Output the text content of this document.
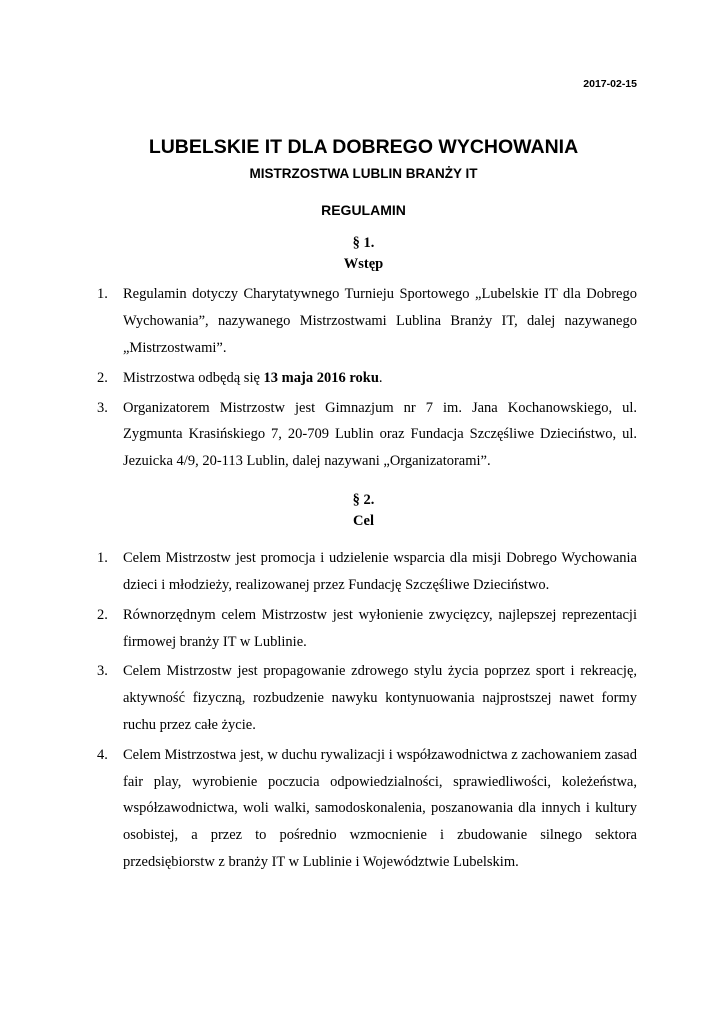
2017-02-15
LUBELSKIE IT DLA DOBREGO WYCHOWANIA
MISTRZOSTWA LUBLIN BRANŻY IT
REGULAMIN
§ 1.
Wstęp
Regulamin dotyczy Charytatywnego Turnieju Sportowego „Lubelskie IT dla Dobrego Wychowania”, nazywanego Mistrzostwami Lublina Branży IT, dalej nazywanego „Mistrzostwami”.
Mistrzostwa odbędą się 13 maja 2016 roku.
Organizatorem Mistrzostw jest Gimnazjum nr 7 im. Jana Kochanowskiego, ul. Zygmunta Krasińskiego 7, 20-709 Lublin oraz Fundacja Szczęśliwe Dzieciństwo, ul. Jezuicka 4/9, 20-113 Lublin, dalej nazywani „Organizatorami”.
§ 2.
Cel
Celem Mistrzostw jest promocja i udzielenie wsparcia dla misji Dobrego Wychowania dzieci i młodzieży, realizowanej przez Fundację Szczęśliwe Dzieciństwo.
Równorzędnym celem Mistrzostw jest wyłonienie zwycięzcy, najlepszej reprezentacji firmowej branży IT w Lublinie.
Celem Mistrzostw jest propagowanie zdrowego stylu życia poprzez sport i rekreację, aktywność fizyczną, rozbudzenie nawyku kontynuowania najprostszej nawet formy ruchu przez całe życie.
Celem Mistrzostwa jest, w duchu rywalizacji i współzawodnictwa z zachowaniem zasad fair play, wyrobienie poczucia odpowiedzialności, sprawiedliwości, koleżeństwa, współzawodnictwa, woli walki, samodoskonalenia, poszanowania dla innych i kultury osobistej, a przez to pośrednio wzmocnienie i zbudowanie silnego sektora przedsiębiorstw z branży IT w Lublinie i Województwie Lubelskim.
